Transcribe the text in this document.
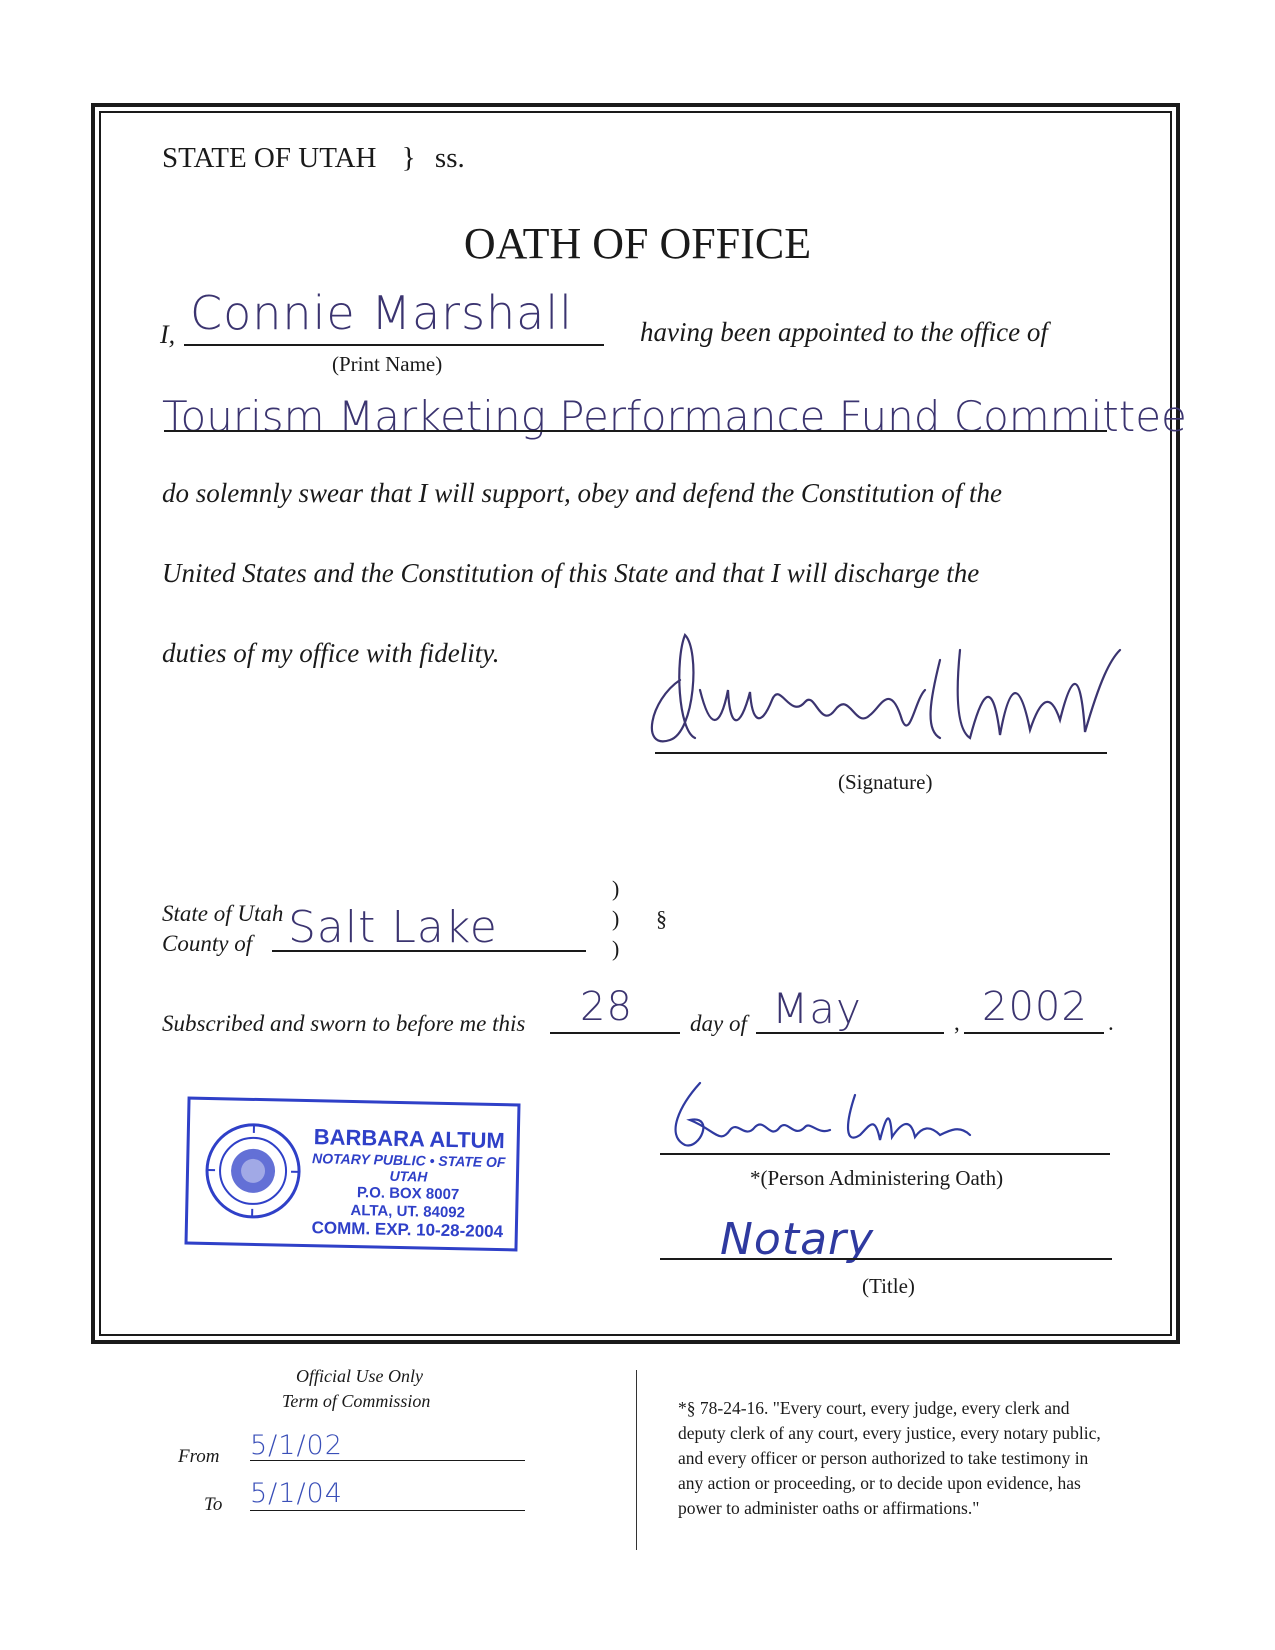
STATE OF UTAH } ss.
OATH OF OFFICE
I, Connie Marshall
(Print Name)
having been appointed to the office of
Tourism Marketing Performance Fund Committee
do solemnly swear that I will support, obey and defend the Constitution of the
United States and the Constitution of this State and that I will discharge the
duties of my office with fidelity.
(Signature)
State of Utah
County of Salt Lake
)
)
)
§
Subscribed and sworn to before me this 28 day of May	, 2002 .
BARBARA ALTUM
NOTARY PUBLIC • STATE OF UTAH
P.O. BOX 8007
ALTA, UT. 84092
COMM. EXP. 10-28-2004
*(Person Administering Oath)
Notary
(Title)
Official Use Only
Term of Commission
From 5/1/02
To 5/1/04
*§ 78-24-16. "Every court, every judge, every clerk and
deputy clerk of any court, every justice, every notary public,
and every officer or person authorized to take testimony in
any action or proceeding, or to decide upon evidence, has
power to administer oaths or affirmations."
